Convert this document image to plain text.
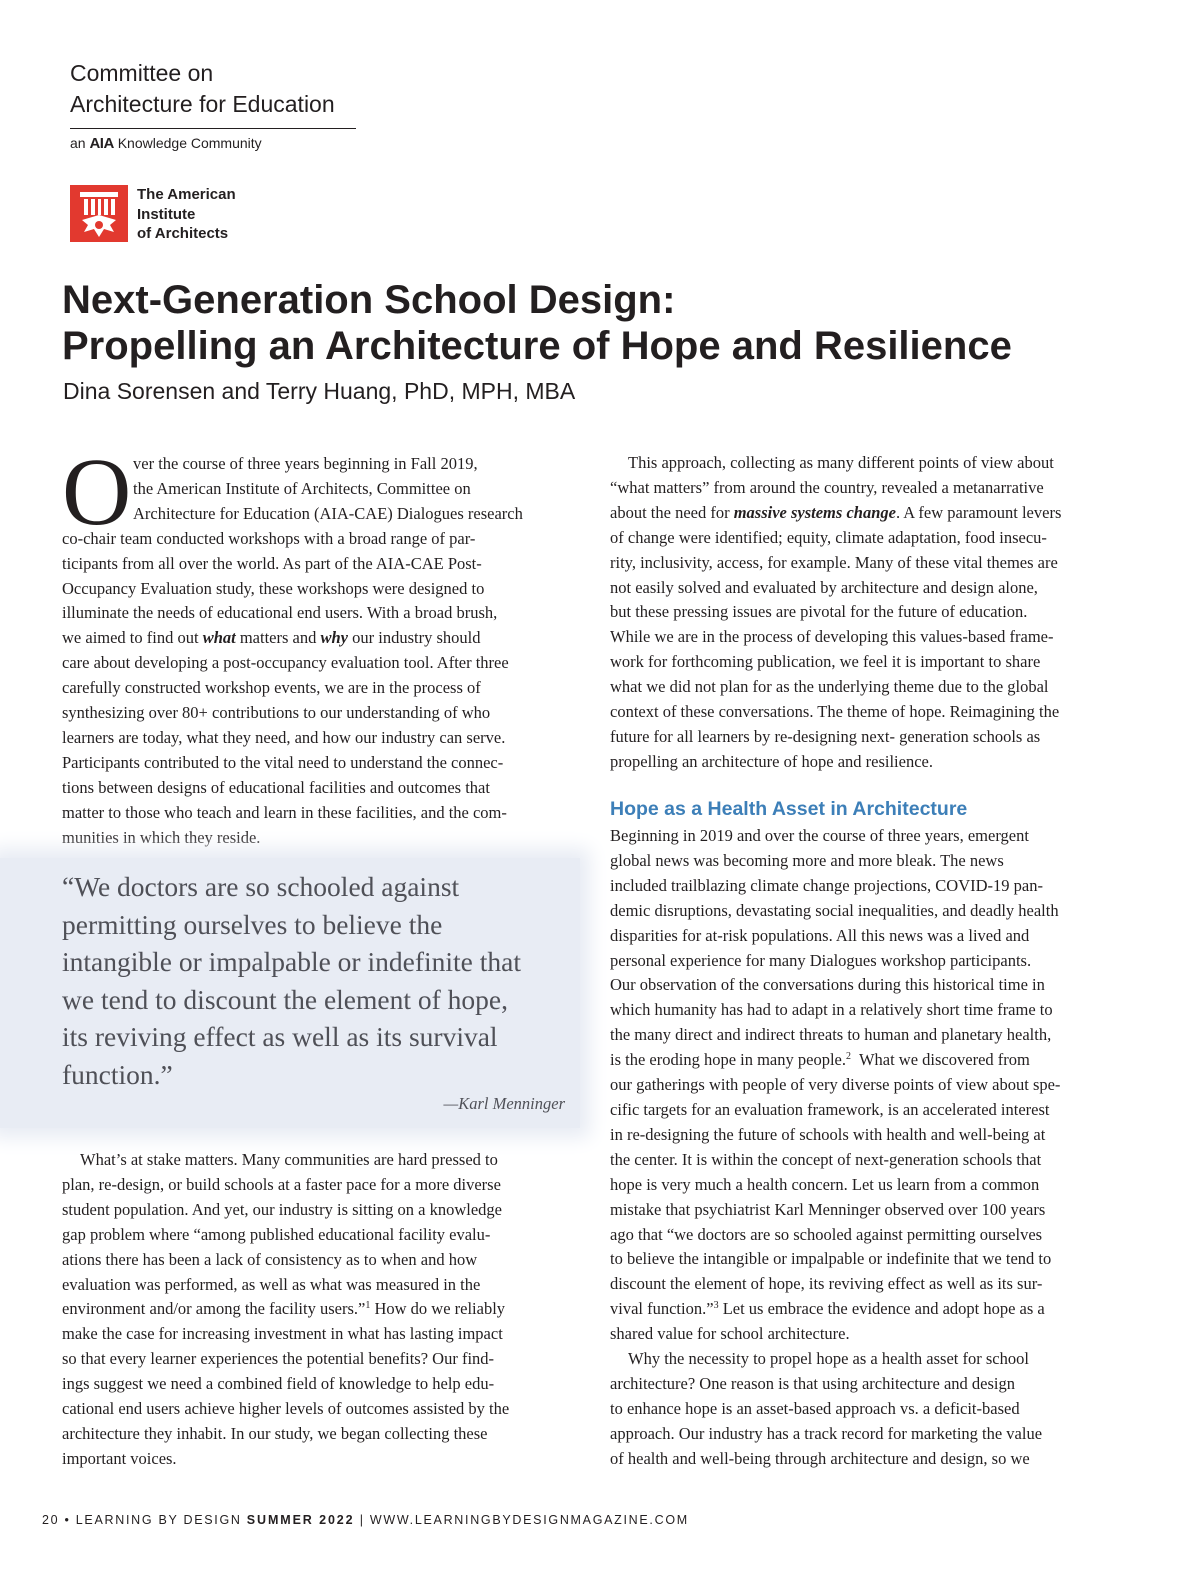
Committee on
Architecture for Education
an AIA Knowledge Community
The American
Institute
of Architects
Next-Generation School Design:
Propelling an Architecture of Hope and Resilience
Dina Sorensen and Terry Huang, PhD, MPH, MBA
O ver the course of three years beginning in Fall 2019,
the American Institute of Architects, Committee on
Architecture for Education (AIA-CAE) Dialogues research
co-chair team conducted workshops with a broad range of par-
ticipants from all over the world. As part of the AIA-CAE Post-
Occupancy Evaluation study, these workshops were designed to
illuminate the needs of educational end users. With a broad brush,
we aimed to find out what matters and why our industry should
care about developing a post-occupancy evaluation tool. After three
carefully constructed workshop events, we are in the process of
synthesizing over 80+ contributions to our understanding of who
learners are today, what they need, and how our industry can serve.
Participants contributed to the vital need to understand the connec-
tions between designs of educational facilities and outcomes that
matter to those who teach and learn in these facilities, and the com-
munities in which they reside.
“We doctors are so schooled against
permitting ourselves to believe the
intangible or impalpable or indefinite that
we tend to discount the element of hope,
its reviving effect as well as its survival
function.”
—Karl Menninger
What’s at stake matters. Many communities are hard pressed to
plan, re-design, or build schools at a faster pace for a more diverse
student population. And yet, our industry is sitting on a knowledge
gap problem where “among published educational facility evalu-
ations there has been a lack of consistency as to when and how
evaluation was performed, as well as what was measured in the
environment and/or among the facility users.”$^1$ How do we reliably
make the case for increasing investment in what has lasting impact
so that every learner experiences the potential benefits? Our find-
ings suggest we need a combined field of knowledge to help edu-
cational end users achieve higher levels of outcomes assisted by the
architecture they inhabit. In our study, we began collecting these
important voices.
This approach, collecting as many different points of view about
“what matters” from around the country, revealed a metanarrative
about the need for massive systems change. A few paramount levers
of change were identified; equity, climate adaptation, food insecu-
rity, inclusivity, access, for example. Many of these vital themes are
not easily solved and evaluated by architecture and design alone,
but these pressing issues are pivotal for the future of education.
While we are in the process of developing this values-based frame-
work for forthcoming publication, we feel it is important to share
what we did not plan for as the underlying theme due to the global
context of these conversations. The theme of hope. Reimagining the
future for all learners by re-designing next- generation schools as
propelling an architecture of hope and resilience.
Hope as a Health Asset in Architecture
Beginning in 2019 and over the course of three years, emergent
global news was becoming more and more bleak. The news
included trailblazing climate change projections, COVID-19 pan-
demic disruptions, devastating social inequalities, and deadly health
disparities for at-risk populations. All this news was a lived and
personal experience for many Dialogues workshop participants.
Our observation of the conversations during this historical time in
which humanity has had to adapt in a relatively short time frame to
the many direct and indirect threats to human and planetary health,
is the eroding hope in many people.$^2$  What we discovered from
our gatherings with people of very diverse points of view about spe-
cific targets for an evaluation framework, is an accelerated interest
in re-designing the future of schools with health and well-being at
the center. It is within the concept of next-generation schools that
hope is very much a health concern. Let us learn from a common
mistake that psychiatrist Karl Menninger observed over 100 years
ago that “we doctors are so schooled against permitting ourselves
to believe the intangible or impalpable or indefinite that we tend to
discount the element of hope, its reviving effect as well as its sur-
vival function.”$^3$ Let us embrace the evidence and adopt hope as a
shared value for school architecture.
Why the necessity to propel hope as a health asset for school
architecture? One reason is that using architecture and design
to enhance hope is an asset-based approach vs. a deficit-based
approach. Our industry has a track record for marketing the value
of health and well-being through architecture and design, so we
20 • LEARNING BY DESIGN SUMMER 2022 | WWW.LEARNINGBYDESIGNMAGAZINE.COM
